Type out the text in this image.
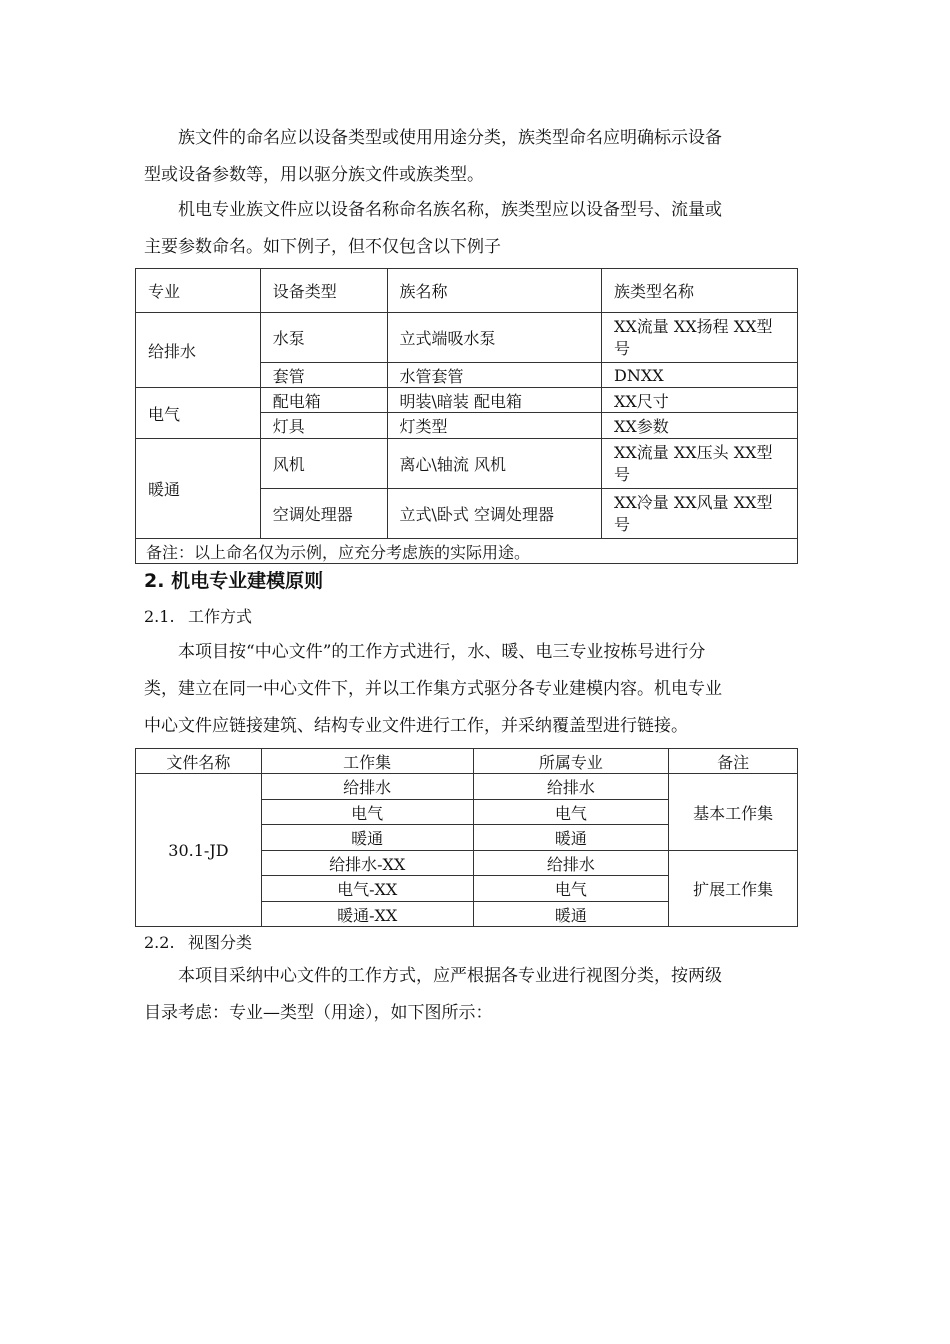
族文件的命名应以设备类型或使用用途分类，族类型命名应明确标示设备
型或设备参数等，用以驱分族文件或族类型。
机电专业族文件应以设备名称命名族名称，族类型应以设备型号、流量或
主要参数命名。如下例子，但不仅包含以下例子
专业	设备类型	族名称	族类型名称
给排水	水泵	立式端吸水泵	XX流量 XX扬程 XX型
号

	套管	水管套管	DNXX
电气	配电箱	明装\暗装 配电箱	XX尺寸
	灯具	灯类型	XX参数
暖通	风机	离心\轴流 风机	XX流量 XX压头 XX型
号

	空调处理器	立式\卧式 空调处理器	XX冷量 XX风量 XX型
号

备注：以上命名仅为示例，应充分考虑族的实际用途。			
2. 机电专业建模原则
2.1. 工作方式
本项目按“中心文件”的工作方式进行，水、暖、电三专业按栋号进行分
类，建立在同一中心文件下，并以工作集方式驱分各专业建模内容。机电专业
中心文件应链接建筑、结构专业文件进行工作，并采纳覆盖型进行链接。
文件名称	工作集	所属专业	备注
30.1-JD	给排水	给排水	基本工作集
	电气	电气	
	暖通	暖通	
	给排水-XX	给排水	扩展工作集
	电气-XX	电气	
	暖通-XX	暖通	
2.2. 视图分类
本项目采纳中心文件的工作方式，应严根据各专业进行视图分类，按两级
目录考虑：专业—类型（用途），如下图所示：
